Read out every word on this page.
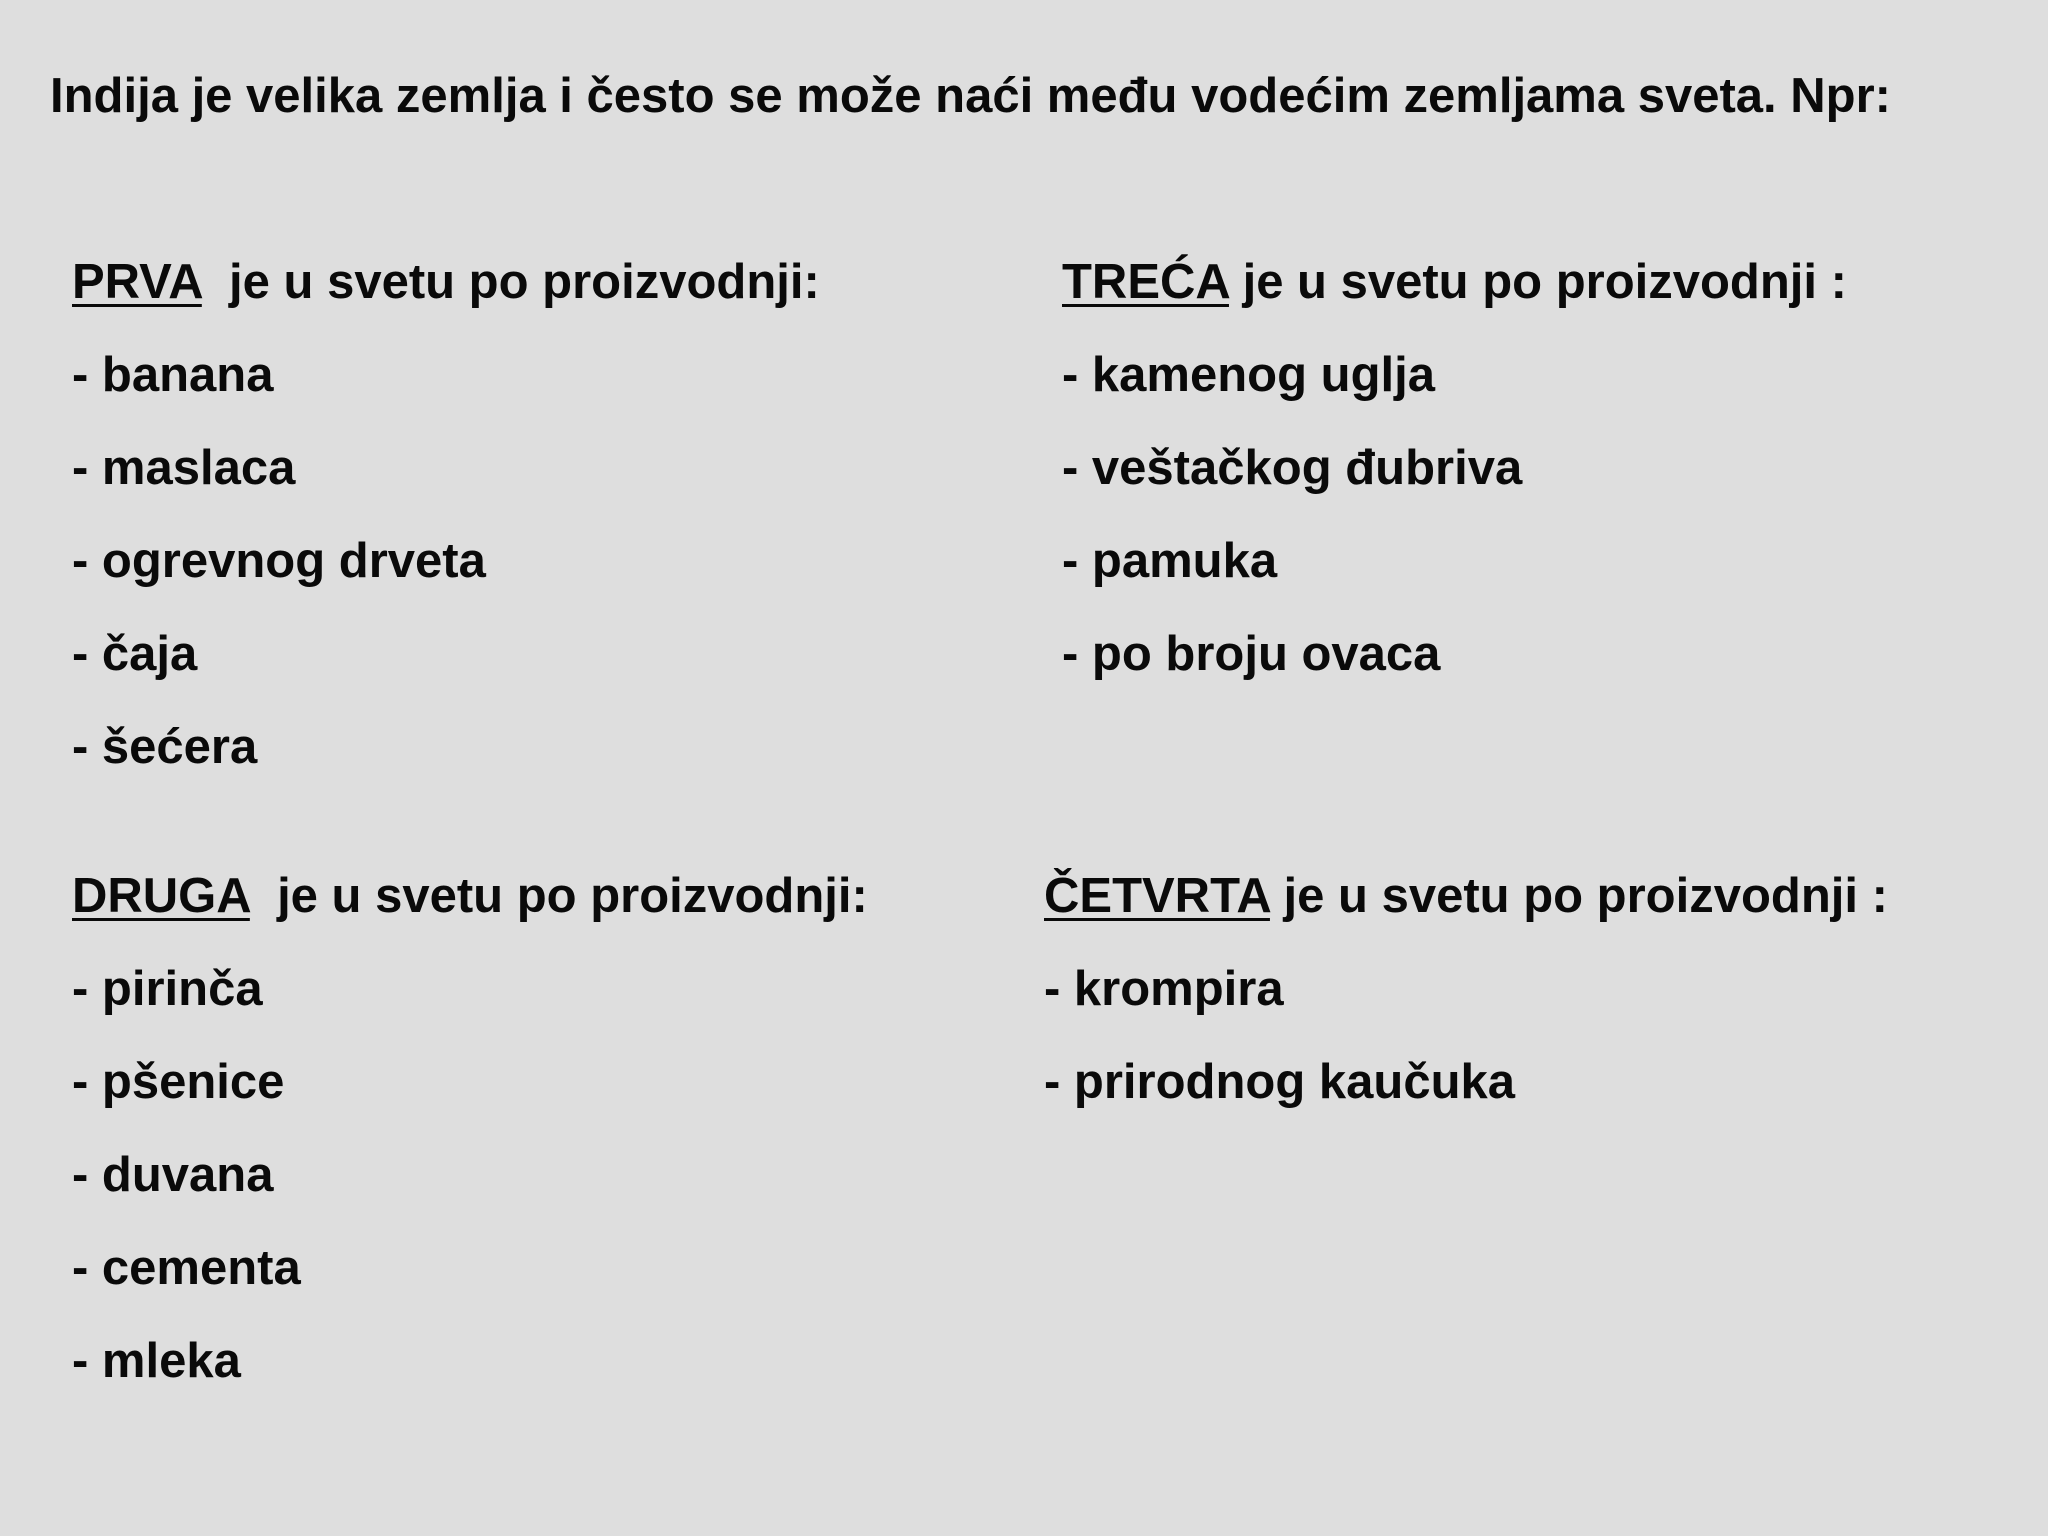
Indija je velika zemlja i često se može naći među vodećim zemljama sveta. Npr:
PRVA  je u svetu po proizvodnji:
- banana
- maslaca
- ogrevnog drveta
- čaja
- šećera
TREĆA je u svetu po proizvodnji :
- kamenog uglja
- veštačkog đubriva
- pamuka
- po broju ovaca
DRUGA  je u svetu po proizvodnji:
- pirinča
- pšenice
- duvana
- cementa
- mleka
ČETVRTA je u svetu po proizvodnji :
- krompira
- prirodnog kaučuka
